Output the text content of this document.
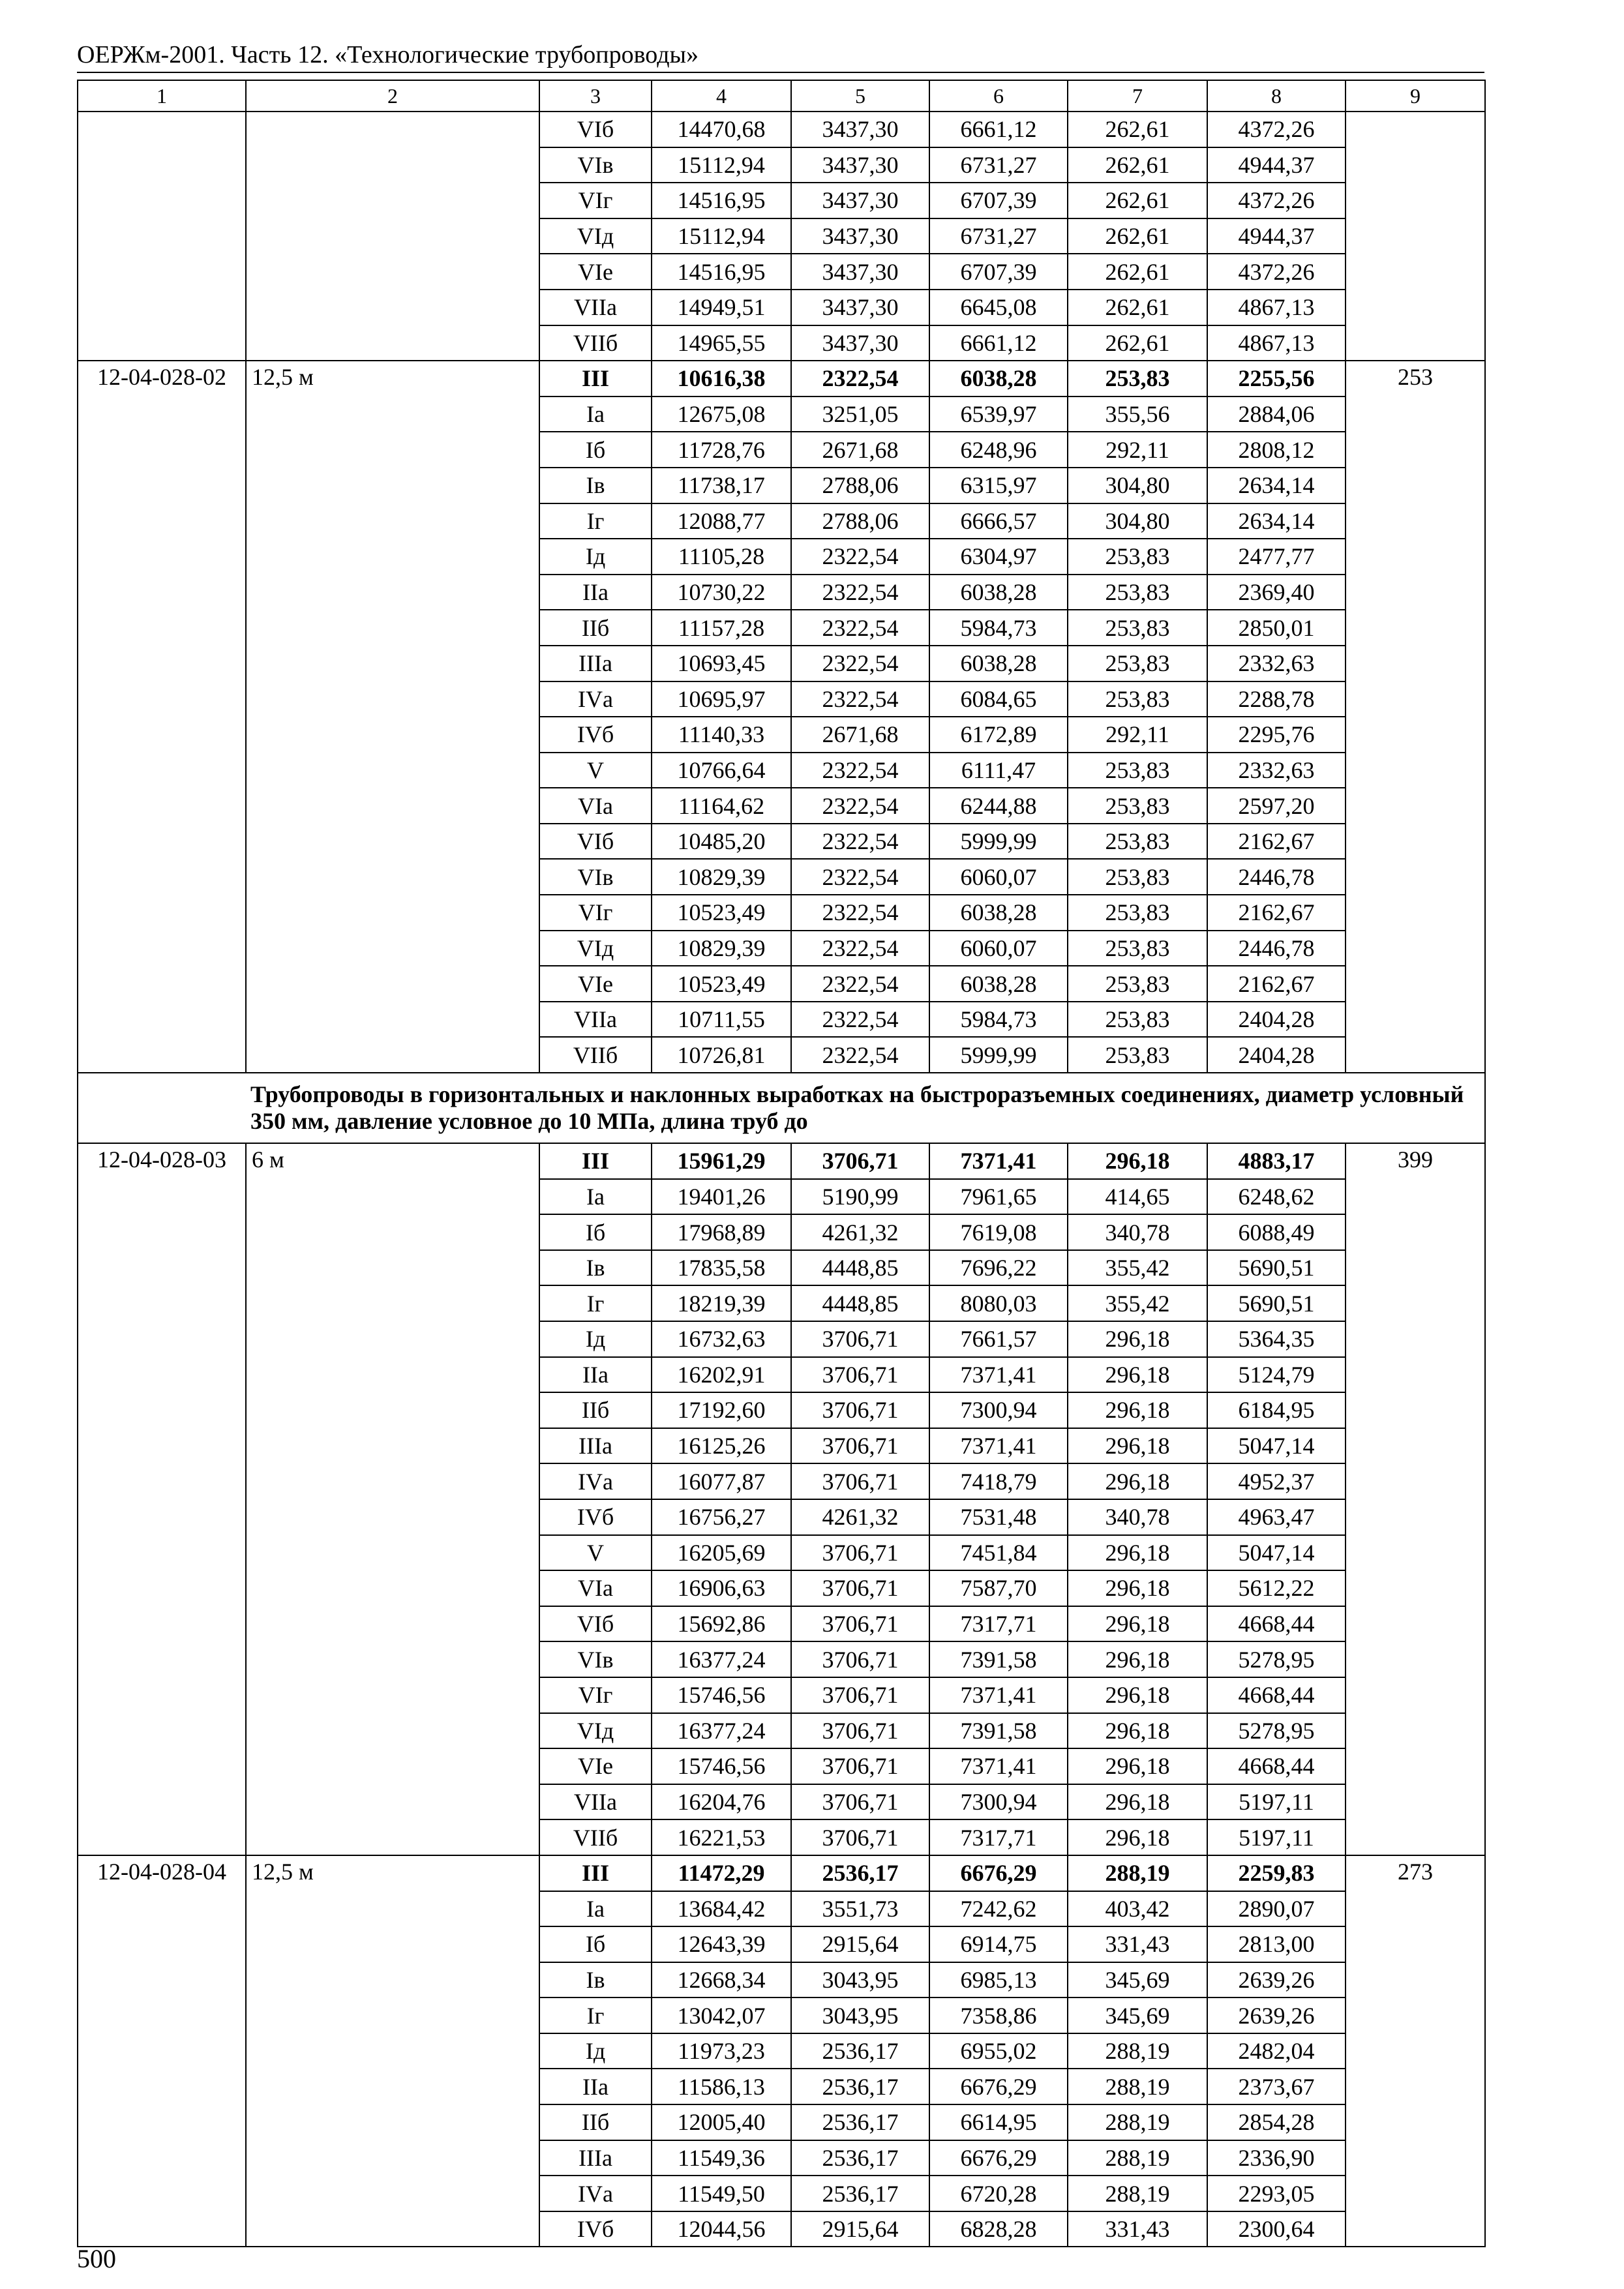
ОЕРЖм-2001. Часть 12. «Технологические трубопроводы»
1	2	3	4	5	6	7	8	9
		VIб	14470,68	3437,30	6661,12	262,61	4372,26	
		VIв	15112,94	3437,30	6731,27	262,61	4944,37	
		VIг	14516,95	3437,30	6707,39	262,61	4372,26	
		VIд	15112,94	3437,30	6731,27	262,61	4944,37	
		VIе	14516,95	3437,30	6707,39	262,61	4372,26	
		VIIа	14949,51	3437,30	6645,08	262,61	4867,13	
		VIIб	14965,55	3437,30	6661,12	262,61	4867,13	
12-04-028-02	12,5 м	III	10616,38	2322,54	6038,28	253,83	2255,56	253
		Iа	12675,08	3251,05	6539,97	355,56	2884,06	
		Iб	11728,76	2671,68	6248,96	292,11	2808,12	
		Iв	11738,17	2788,06	6315,97	304,80	2634,14	
		Iг	12088,77	2788,06	6666,57	304,80	2634,14	
		Iд	11105,28	2322,54	6304,97	253,83	2477,77	
		IIа	10730,22	2322,54	6038,28	253,83	2369,40	
		IIб	11157,28	2322,54	5984,73	253,83	2850,01	
		IIIа	10693,45	2322,54	6038,28	253,83	2332,63	
		IVа	10695,97	2322,54	6084,65	253,83	2288,78	
		IVб	11140,33	2671,68	6172,89	292,11	2295,76	
		V	10766,64	2322,54	6111,47	253,83	2332,63	
		VIа	11164,62	2322,54	6244,88	253,83	2597,20	
		VIб	10485,20	2322,54	5999,99	253,83	2162,67	
		VIв	10829,39	2322,54	6060,07	253,83	2446,78	
		VIг	10523,49	2322,54	6038,28	253,83	2162,67	
		VIд	10829,39	2322,54	6060,07	253,83	2446,78	
		VIе	10523,49	2322,54	6038,28	253,83	2162,67	
		VIIа	10711,55	2322,54	5984,73	253,83	2404,28	
		VIIб	10726,81	2322,54	5999,99	253,83	2404,28	
Трубопроводы в горизонтальных и наклонных выработках на быстроразъемных соединениях, диаметр условный 350 мм, давление условное до 10 МПа, длина труб до								
12-04-028-03	6 м	III	15961,29	3706,71	7371,41	296,18	4883,17	399
		Iа	19401,26	5190,99	7961,65	414,65	6248,62	
		Iб	17968,89	4261,32	7619,08	340,78	6088,49	
		Iв	17835,58	4448,85	7696,22	355,42	5690,51	
		Iг	18219,39	4448,85	8080,03	355,42	5690,51	
		Iд	16732,63	3706,71	7661,57	296,18	5364,35	
		IIа	16202,91	3706,71	7371,41	296,18	5124,79	
		IIб	17192,60	3706,71	7300,94	296,18	6184,95	
		IIIа	16125,26	3706,71	7371,41	296,18	5047,14	
		IVа	16077,87	3706,71	7418,79	296,18	4952,37	
		IVб	16756,27	4261,32	7531,48	340,78	4963,47	
		V	16205,69	3706,71	7451,84	296,18	5047,14	
		VIа	16906,63	3706,71	7587,70	296,18	5612,22	
		VIб	15692,86	3706,71	7317,71	296,18	4668,44	
		VIв	16377,24	3706,71	7391,58	296,18	5278,95	
		VIг	15746,56	3706,71	7371,41	296,18	4668,44	
		VIд	16377,24	3706,71	7391,58	296,18	5278,95	
		VIе	15746,56	3706,71	7371,41	296,18	4668,44	
		VIIа	16204,76	3706,71	7300,94	296,18	5197,11	
		VIIб	16221,53	3706,71	7317,71	296,18	5197,11	
12-04-028-04	12,5 м	III	11472,29	2536,17	6676,29	288,19	2259,83	273
		Iа	13684,42	3551,73	7242,62	403,42	2890,07	
		Iб	12643,39	2915,64	6914,75	331,43	2813,00	
		Iв	12668,34	3043,95	6985,13	345,69	2639,26	
		Iг	13042,07	3043,95	7358,86	345,69	2639,26	
		Iд	11973,23	2536,17	6955,02	288,19	2482,04	
		IIа	11586,13	2536,17	6676,29	288,19	2373,67	
		IIб	12005,40	2536,17	6614,95	288,19	2854,28	
		IIIа	11549,36	2536,17	6676,29	288,19	2336,90	
		IVа	11549,50	2536,17	6720,28	288,19	2293,05	
		IVб	12044,56	2915,64	6828,28	331,43	2300,64	
500
